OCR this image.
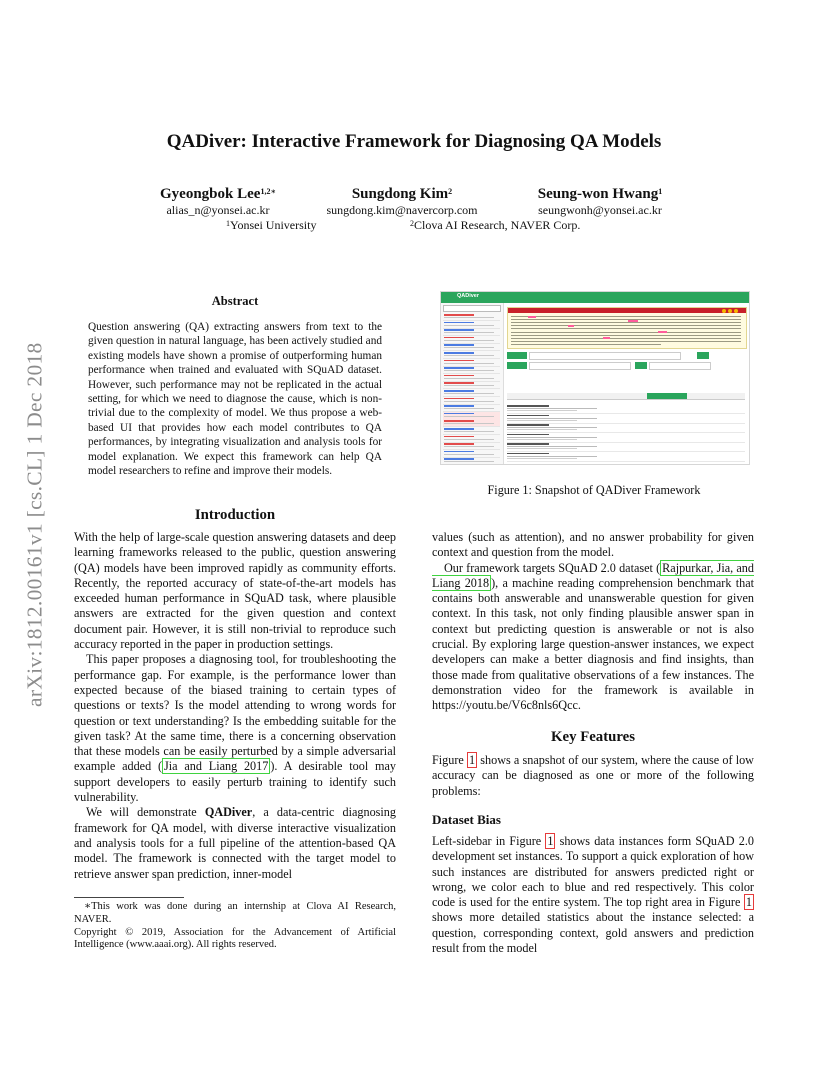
arXiv:1812.00161v1 [cs.CL] 1 Dec 2018
QADiver: Interactive Framework for Diagnosing QA Models
Gyeongbok Lee$^{1,2∗}$
alias_n@yonsei.ac.kr
Sungdong Kim$^2$
sungdong.kim@navercorp.com
Seung-won Hwang$^1$
seungwonh@yonsei.ac.kr
$^1$Yonsei University	$^2$Clova AI Research, NAVER Corp.
Abstract

Question answering (QA) extracting answers from text to the given question in natural language, has been actively studied and existing models have shown a promise of outperforming human performance when trained and evaluated with SQuAD dataset. However, such performance may not be replicated in the actual setting, for which we need to diagnose the cause, which is non-trivial due to the complexity of model. We thus propose a web-based UI that provides how each model contributes to QA performances, by integrating visualization and analysis tools for model explanation. We expect this framework can help QA model researchers to refine and improve their models.

Introduction

With the help of large-scale question answering datasets and deep learning frameworks released to the public, question answering (QA) models have been improved rapidly as community efforts. Recently, the reported accuracy of state-of-the-art models has exceeded human performance in SQuAD task, where plausible answers are extracted for the given question and context document pair. However, it is still non-trivial to reproduce such accuracy reported in the paper in production settings.

This paper proposes a diagnosing tool, for troubleshooting the performance gap. For example, is the performance lower than expected because of the biased training to certain types of questions or texts? Is the model attending to wrong words for question or text understanding? Is the embedding suitable for the given task? At the same time, there is a concerning observation that these models can be easily perturbed by a simple adversarial example added ( Jia and Liang 2017 ). A desirable tool may support developers to easily perturb training to identify such vulnerability.

We will demonstrate QADiver, a data-centric diagnosing framework for QA model, with diverse interactive visualization and analysis tools for a full pipeline of the attention-based QA model. The framework is connected with the target model to retrieve answer span prediction, inner-model

∗This work was done during an internship at Clova AI Research, NAVER.

Copyright © 2019, Association for the Advancement of Artificial Intelligence (www.aaai.org). All rights reserved.

QADiver
Figure 1: Snapshot of QADiver Framework

values (such as attention), and no answer probability for given context and question from the model.

Our framework targets SQuAD 2.0 dataset ( Rajpurkar, Jia, and Liang 2018 ), a machine reading comprehension benchmark that contains both answerable and unanswerable question for given context. In this task, not only finding plausible answer span in context but predicting question is answerable or not is also crucial. By exploring large question-answer instances, we expect developers can make a better diagnosis and find insights, than those made from qualitative observations of a few instances. The demonstration video for the framework is available in https://youtu.be/V6c8nls6Qcc.

Key Features

Figure 1 shows a snapshot of our system, where the cause of low accuracy can be diagnosed as one or more of the following problems:

Dataset Bias

Left-sidebar in Figure 1 shows data instances form SQuAD 2.0 development set instances. To support a quick exploration of how such instances are distributed for answers predicted right or wrong, we color each to blue and red respectively. This color code is used for the entire system. The top right area in Figure 1 shows more detailed statistics about the instance selected: a question, corresponding context, gold answers and prediction result from the model
